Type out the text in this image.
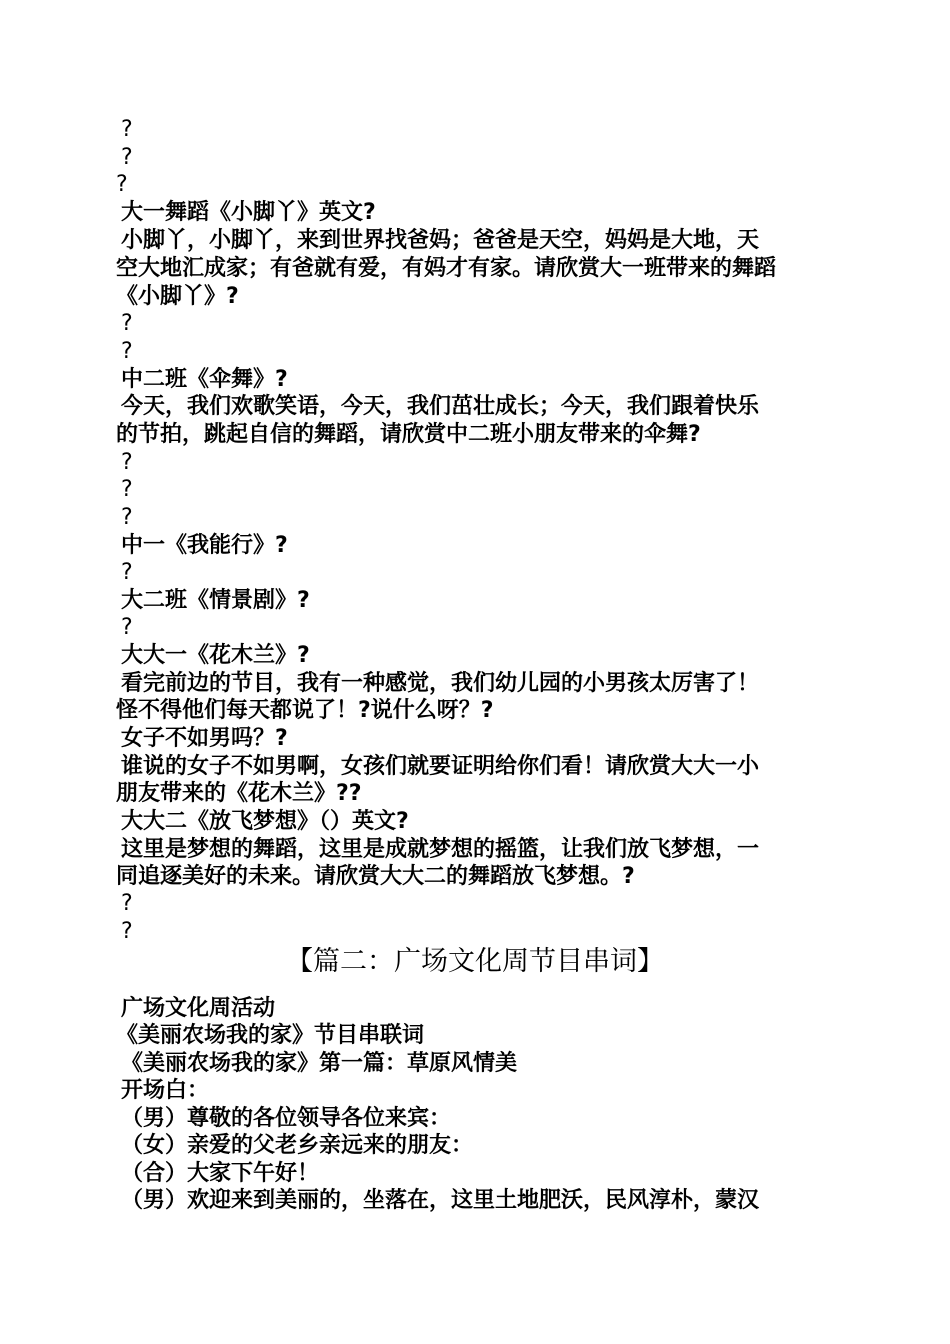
?
?
?
大一舞蹈《小脚丫》英文?
小脚丫，小脚丫，来到世界找爸妈；爸爸是天空，妈妈是大地，天
空大地汇成家；有爸就有爱，有妈才有家。请欣赏大一班带来的舞蹈
《小脚丫》?
?
?
中二班《伞舞》?
今天，我们欢歌笑语，今天，我们茁壮成长；今天，我们跟着快乐
的节拍，跳起自信的舞蹈，请欣赏中二班小朋友带来的伞舞?
?
?
?
中一《我能行》?
?
大二班《情景剧》?
?
大大一《花木兰》?
看完前边的节目，我有一种感觉，我们幼儿园的小男孩太厉害了！
怪不得他们每天都说了！?说什么呀？?
女子不如男吗？?
谁说的女子不如男啊，女孩们就要证明给你们看！请欣赏大大一小
朋友带来的《花木兰》??
大大二《放飞梦想》（）英文?
这里是梦想的舞蹈，这里是成就梦想的摇篮，让我们放飞梦想，一
同追逐美好的未来。请欣赏大大二的舞蹈放飞梦想。?
?
?
【篇二：广场文化周节目串词】
广场文化周活动
《美丽农场我的家》节目串联词
《美丽农场我的家》第一篇：草原风情美
开场白：
（男）尊敬的各位领导各位来宾：
（女）亲爱的父老乡亲远来的朋友：
（合）大家下午好！
（男）欢迎来到美丽的，坐落在，这里土地肥沃，民风淳朴，蒙汉
